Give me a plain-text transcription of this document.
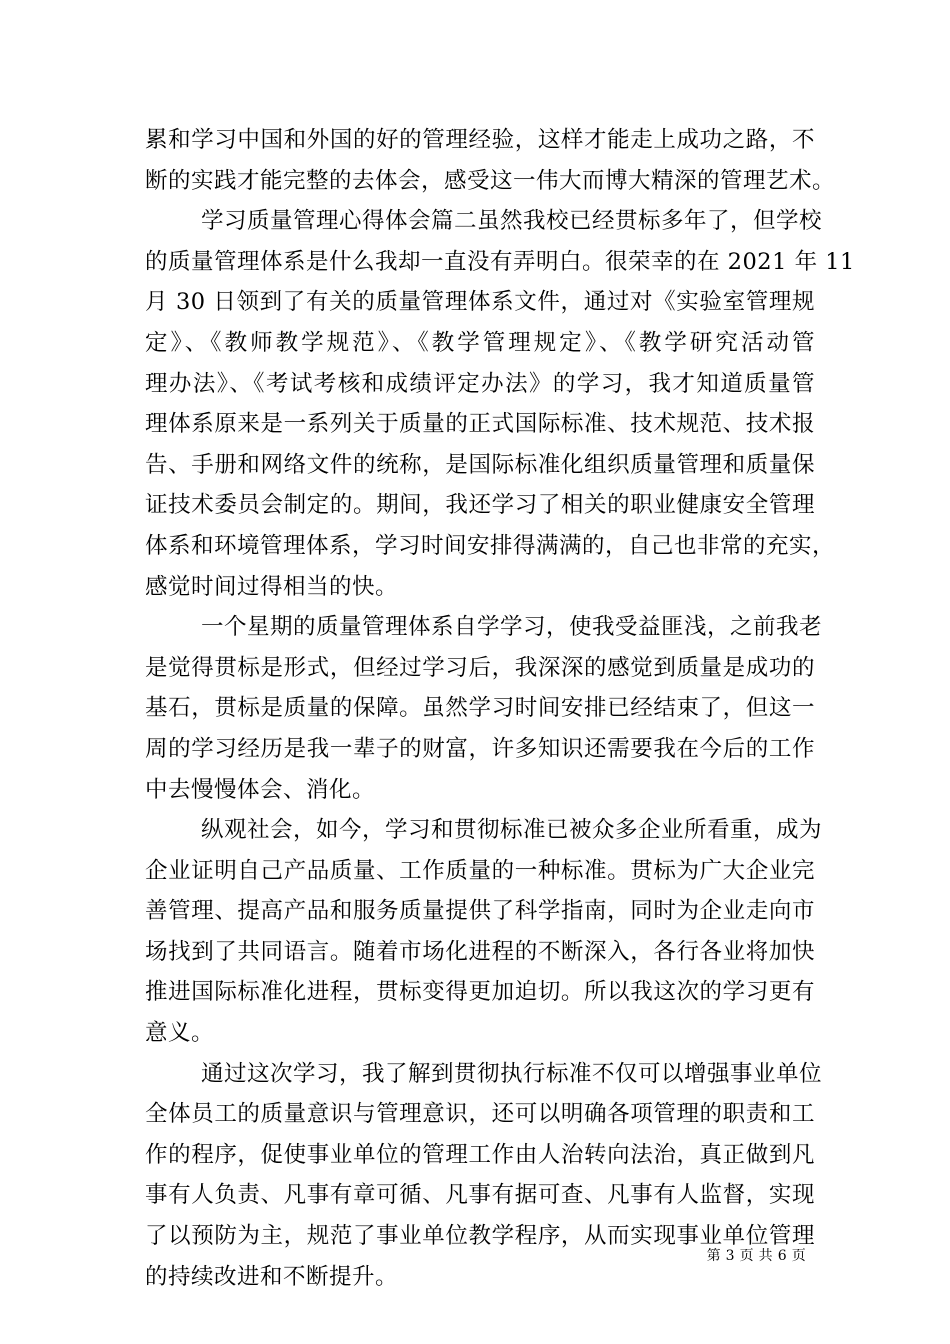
累和学习中国和外国的好的管理经验，这样才能走上成功之路，不
断的实践才能完整的去体会，感受这一伟大而博大精深的管理艺术。
学习质量管理心得体会篇二虽然我校已经贯标多年了，但学校
的质量管理体系是什么我却一直没有弄明白。很荣幸的在 2021 年 11
月 30 日领到了有关的质量管理体系文件，通过对《实验室管理规
定》、《教师教学规范》、《教学管理规定》、《教学研究活动管
理办法》、《考试考核和成绩评定办法》的学习，我才知道质量管
理体系原来是一系列关于质量的正式国际标准、技术规范、技术报
告、手册和网络文件的统称，是国际标准化组织质量管理和质量保
证技术委员会制定的。期间，我还学习了相关的职业健康安全管理
体系和环境管理体系，学习时间安排得满满的，自己也非常的充实，
感觉时间过得相当的快。
一个星期的质量管理体系自学学习，使我受益匪浅，之前我老
是觉得贯标是形式，但经过学习后，我深深的感觉到质量是成功的
基石，贯标是质量的保障。虽然学习时间安排已经结束了，但这一
周的学习经历是我一辈子的财富，许多知识还需要我在今后的工作
中去慢慢体会、消化。
纵观社会，如今，学习和贯彻标准已被众多企业所看重，成为
企业证明自己产品质量、工作质量的一种标准。贯标为广大企业完
善管理、提高产品和服务质量提供了科学指南，同时为企业走向市
场找到了共同语言。随着市场化进程的不断深入，各行各业将加快
推进国际标准化进程，贯标变得更加迫切。所以我这次的学习更有
意义。
通过这次学习，我了解到贯彻执行标准不仅可以增强事业单位
全体员工的质量意识与管理意识，还可以明确各项管理的职责和工
作的程序，促使事业单位的管理工作由人治转向法治，真正做到凡
事有人负责、凡事有章可循、凡事有据可查、凡事有人监督，实现
了以预防为主，规范了事业单位教学程序，从而实现事业单位管理
的持续改进和不断提升。
第 3 页 共 6 页
